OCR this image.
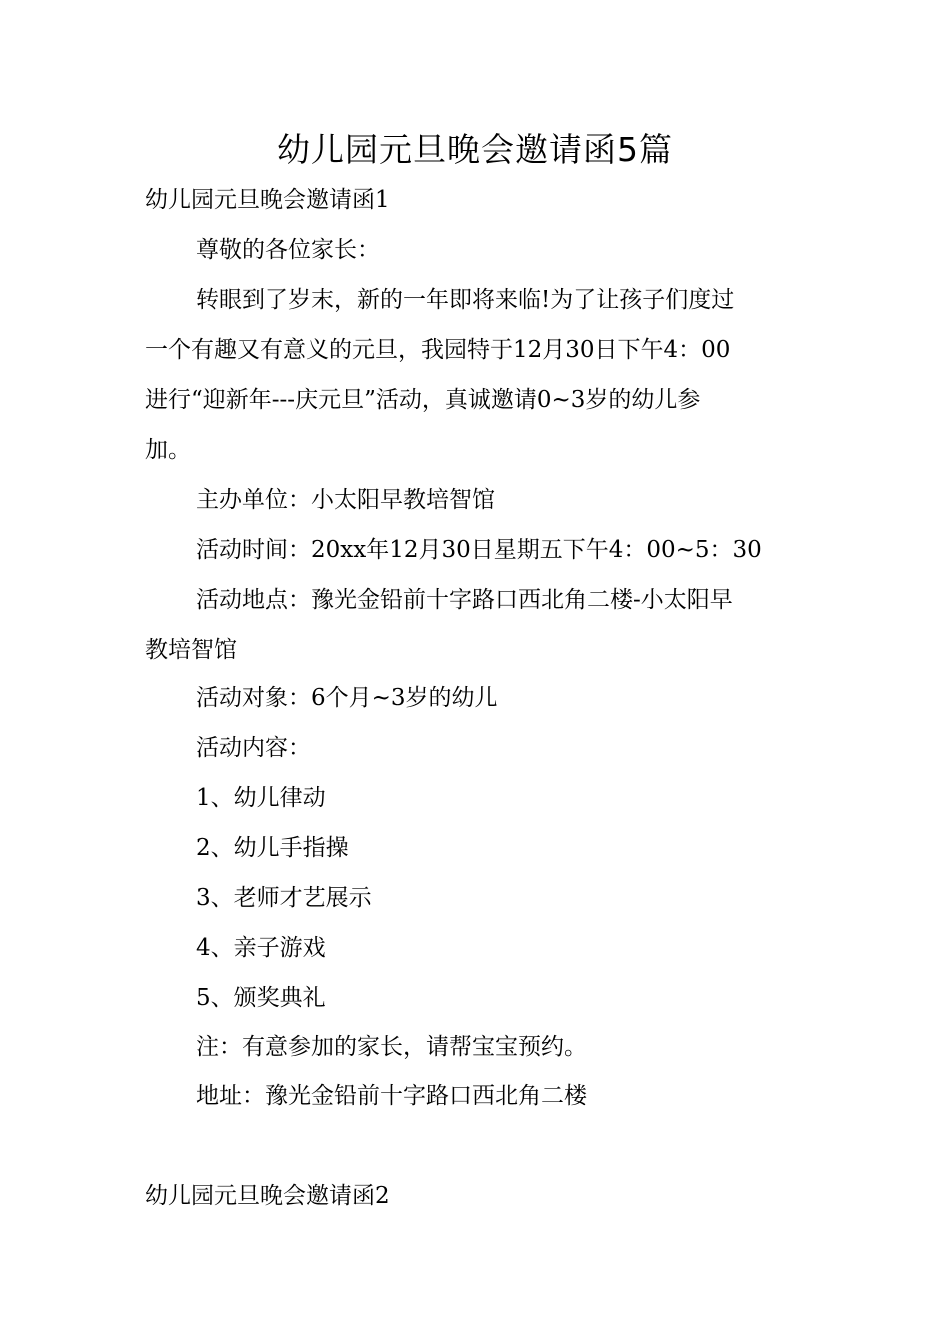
幼儿园元旦晚会邀请函5篇
幼儿园元旦晚会邀请函1
尊敬的各位家长：
转眼到了岁末，新的一年即将来临!为了让孩子们度过
一个有趣又有意义的元旦，我园特于12月30日下午4：00
进行“迎新年---庆元旦”活动，真诚邀请0~3岁的幼儿参
加。
主办单位：小太阳早教培智馆
活动时间：20xx年12月30日星期五下午4：00~5：30
活动地点：豫光金铅前十字路口西北角二楼-小太阳早
教培智馆
活动对象：6个月~3岁的幼儿
活动内容：
1、幼儿律动
2、幼儿手指操
3、老师才艺展示
4、亲子游戏
5、颁奖典礼
注：有意参加的家长，请帮宝宝预约。
地址：豫光金铅前十字路口西北角二楼
幼儿园元旦晚会邀请函2
